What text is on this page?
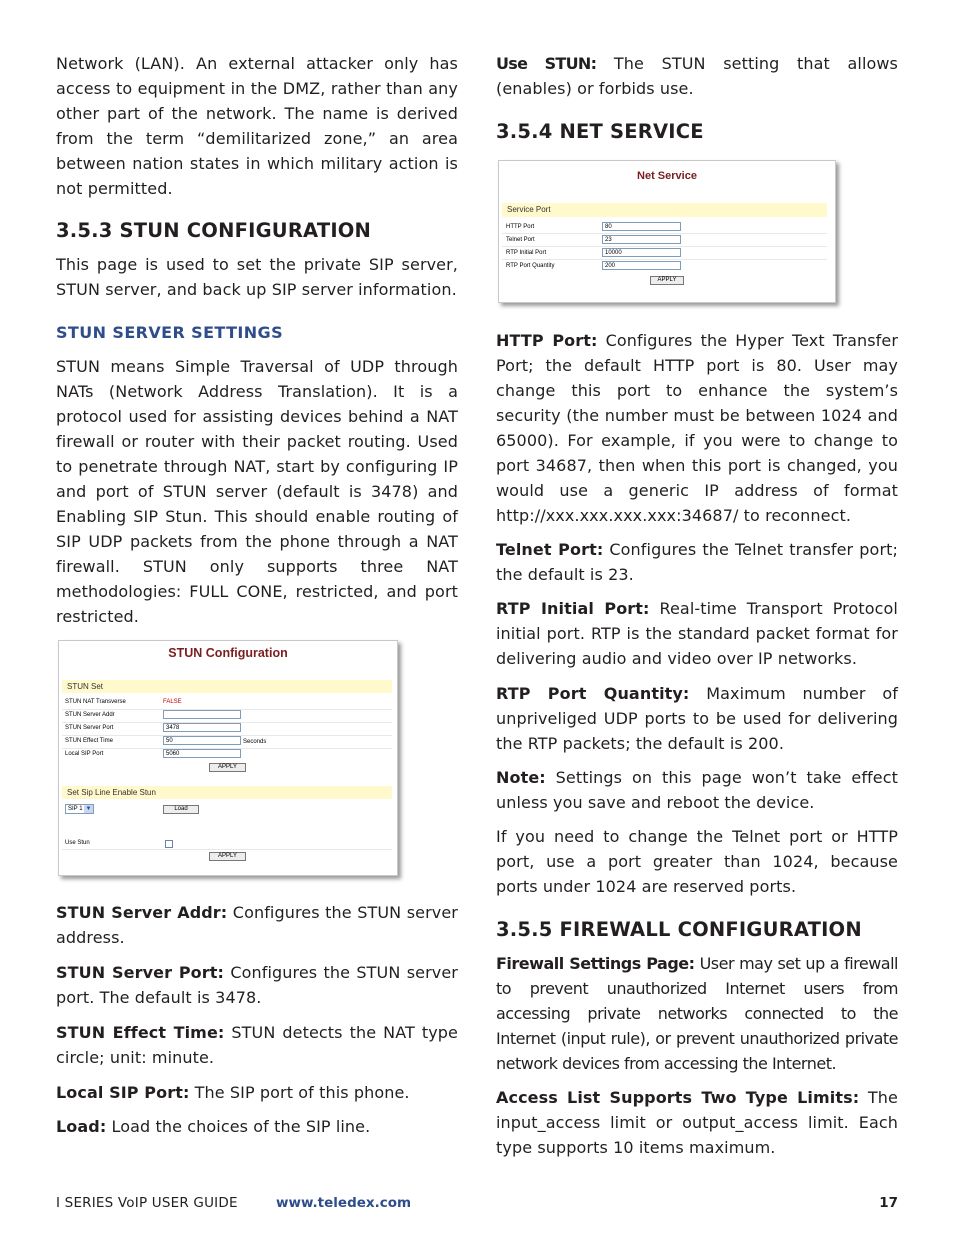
Network (LAN). An external attacker only has access to equipment in the DMZ, rather than any other part of the network. The name is derived from the term “demilitarized zone,” an area between nation states in which military action is not permitted.

3.5.3 STUN CONFIGURATION

This page is used to set the private SIP server, STUN server, and back up SIP server information.

STUN SERVER SETTINGS

STUN means Simple Traversal of UDP through NATs (Network Address Translation). It is a protocol used for assisting devices behind a NAT firewall or router with their packet routing. Used to penetrate through NAT, start by configuring IP and port of STUN server (default is 3478) and Enabling SIP Stun. This should enable routing of SIP UDP packets from the phone through a NAT firewall. STUN only supports three NAT methodologies: FULL CONE, restricted, and port restricted.

STUN Configuration
STUN Set
STUN NAT Transverse	FALSE
STUN Server Addr
STUN Server Port	3478
STUN Effect Time	50	Seconds
Local SIP Port	5060
APPLY
Set Sip Line Enable Stun
SIP 1 ▼	Load
Use Stun
APPLY

STUN Server Addr: Configures the STUN server address.

STUN Server Port: Configures the STUN server port. The default is 3478.

STUN Effect Time: STUN detects the NAT type circle; unit: minute.

Local SIP Port: The SIP port of this phone.

Load: Load the choices of the SIP line.

Use STUN: The STUN setting that allows (enables) or forbids use.

3.5.4 NET SERVICE
Net Service
Service Port
HTTP Port	80
Telnet Port	23
RTP Initial Port	10000
RTP Port Quantity	200
APPLY

HTTP Port: Configures the Hyper Text Transfer Port; the default HTTP port is 80. User may change this port to enhance the system’s security (the number must be between 1024 and 65000). For example, if you were to change to port 34687, then when this port is changed, you would use a generic IP address of format http://xxx.xxx.xxx.xxx:34687/ to reconnect.

Telnet Port: Configures the Telnet transfer port; the default is 23.

RTP Initial Port: Real-time Transport Protocol initial port. RTP is the standard packet format for delivering audio and video over IP networks.

RTP Port Quantity: Maximum number of unpriveliged UDP ports to be used for delivering the RTP packets; the default is 200.

Note: Settings on this page won’t take effect unless you save and reboot the device.

If you need to change the Telnet port or HTTP port, use a port greater than 1024, because ports under 1024 are reserved ports.

3.5.5 FIREWALL CONFIGURATION

Firewall Settings Page: User may set up a firewall to prevent unauthorized Internet users from accessing private networks connected to the Internet (input rule), or prevent unauthorized private network devices from accessing the Internet.

Access List Supports Two Type Limits: The input_access limit or output_access limit. Each type supports 10 items maximum.

I SERIES VoIP USER GUIDE	www.teledex.com	17
